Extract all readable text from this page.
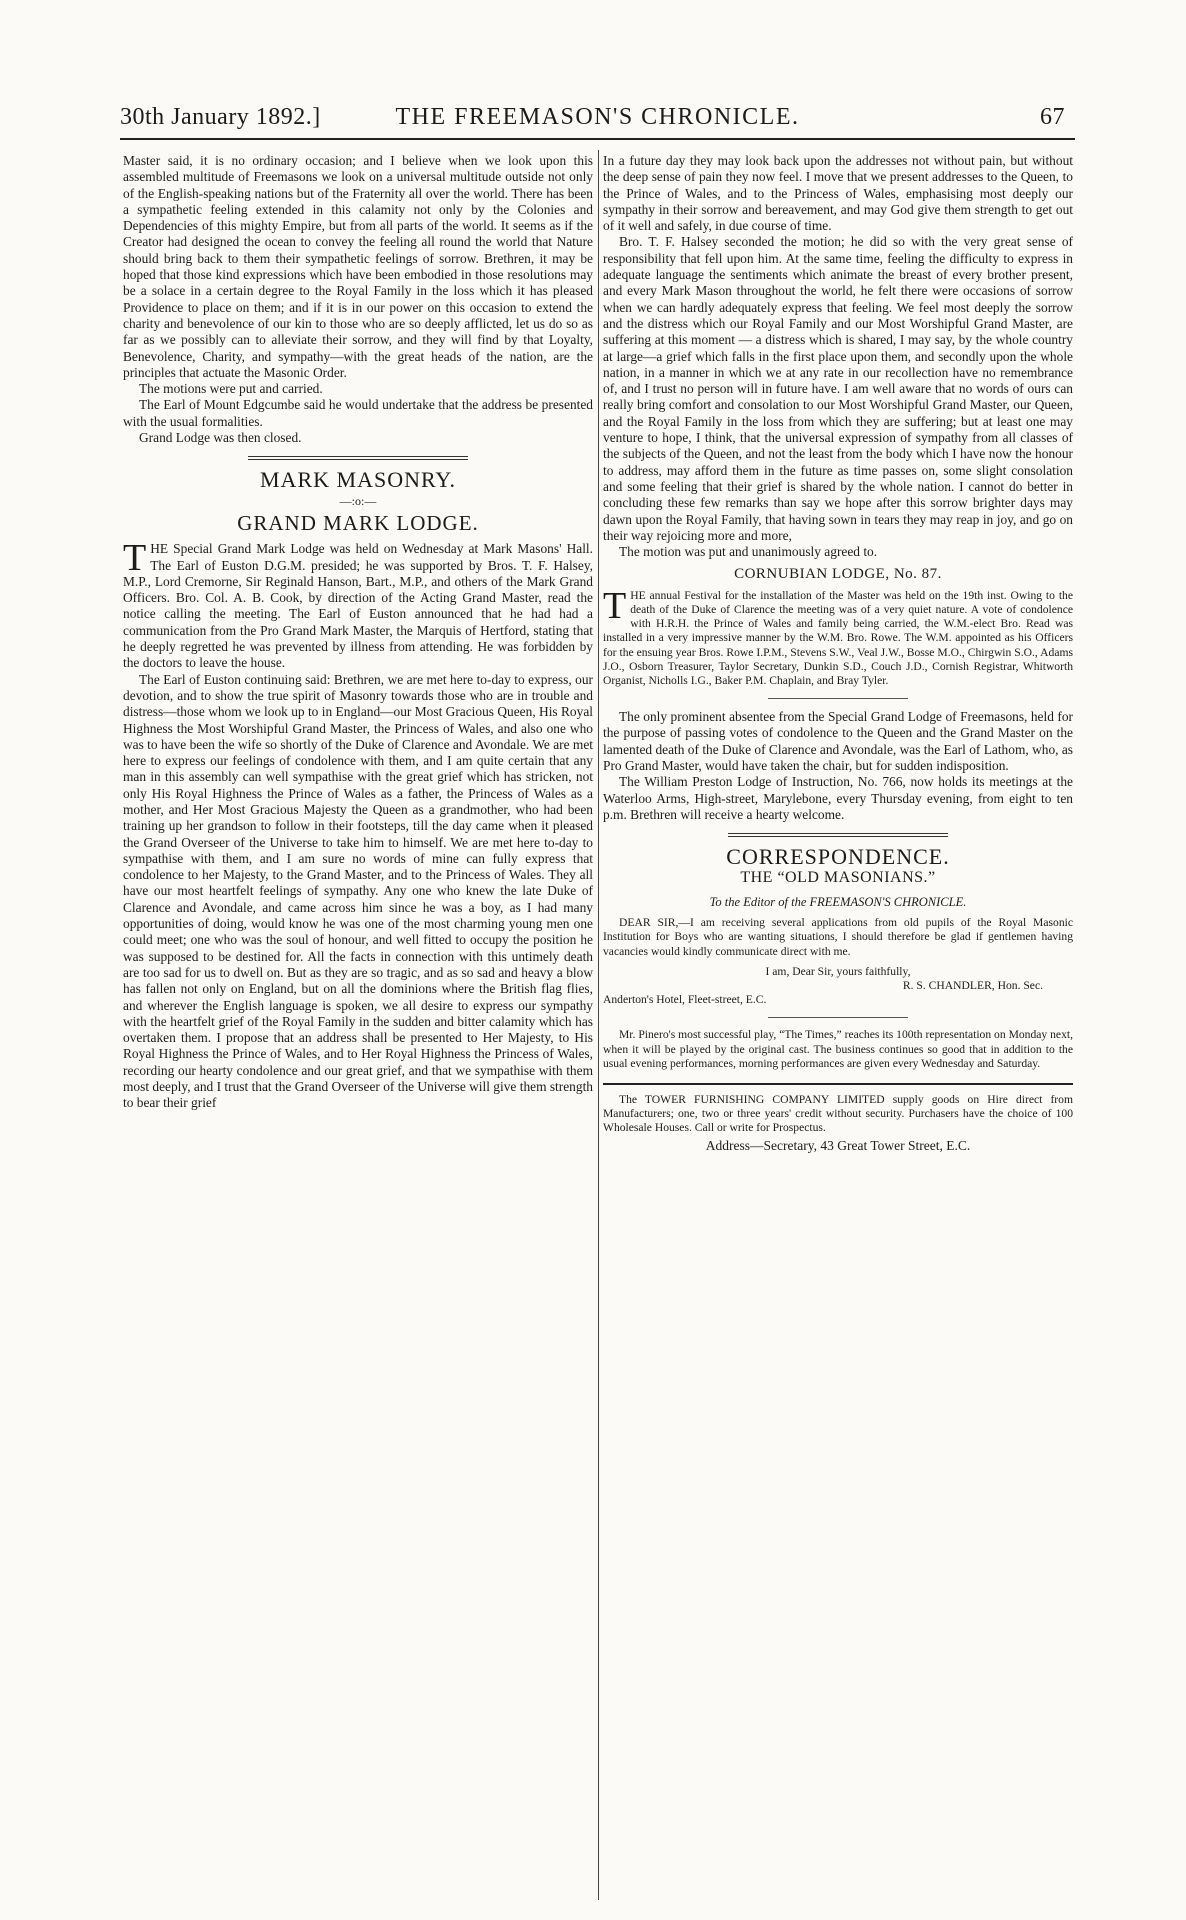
30th January 1892.]	THE FREEMASON'S CHRONICLE.	67

Master said, it is no ordinary occasion; and I believe when we look upon this assembled multitude of Freemasons we look on a universal multitude outside not only of the English-speaking nations but of the Fraternity all over the world. There has been a sympathetic feeling extended in this calamity not only by the Colonies and Dependencies of this mighty Empire, but from all parts of the world. It seems as if the Creator had designed the ocean to convey the feeling all round the world that Nature should bring back to them their sympathetic feelings of sorrow. Brethren, it may be hoped that those kind expressions which have been embodied in those resolutions may be a solace in a certain degree to the Royal Family in the loss which it has pleased Providence to place on them; and if it is in our power on this occasion to extend the charity and benevolence of our kin to those who are so deeply afflicted, let us do so as far as we possibly can to alleviate their sorrow, and they will find by that Loyalty, Benevolence, Charity, and sympathy—with the great heads of the nation, are the principles that actuate the Masonic Order.

The motions were put and carried.

The Earl of Mount Edgcumbe said he would undertake that the address be presented with the usual formalities.

Grand Lodge was then closed.

MARK MASONRY.
—:o:—
GRAND MARK LODGE.

THE Special Grand Mark Lodge was held on Wednesday at Mark Masons' Hall. The Earl of Euston D.G.M. presided; he was supported by Bros. T. F. Halsey, M.P., Lord Cremorne, Sir Reginald Hanson, Bart., M.P., and others of the Mark Grand Officers. Bro. Col. A. B. Cook, by direction of the Acting Grand Master, read the notice calling the meeting. The Earl of Euston announced that he had had a communication from the Pro Grand Mark Master, the Marquis of Hertford, stating that he deeply regretted he was prevented by illness from attending. He was forbidden by the doctors to leave the house.

The Earl of Euston continuing said: Brethren, we are met here to-day to express, our devotion, and to show the true spirit of Masonry towards those who are in trouble and distress—those whom we look up to in England—our Most Gracious Queen, His Royal Highness the Most Worshipful Grand Master, the Princess of Wales, and also one who was to have been the wife so shortly of the Duke of Clarence and Avondale. We are met here to express our feelings of condolence with them, and I am quite certain that any man in this assembly can well sympathise with the great grief which has stricken, not only His Royal Highness the Prince of Wales as a father, the Princess of Wales as a mother, and Her Most Gracious Majesty the Queen as a grandmother, who had been training up her grandson to follow in their footsteps, till the day came when it pleased the Grand Overseer of the Universe to take him to himself. We are met here to-day to sympathise with them, and I am sure no words of mine can fully express that condolence to her Majesty, to the Grand Master, and to the Princess of Wales. They all have our most heartfelt feelings of sympathy. Any one who knew the late Duke of Clarence and Avondale, and came across him since he was a boy, as I had many opportunities of doing, would know he was one of the most charming young men one could meet; one who was the soul of honour, and well fitted to occupy the position he was supposed to be destined for. All the facts in connection with this untimely death are too sad for us to dwell on. But as they are so tragic, and as so sad and heavy a blow has fallen not only on England, but on all the dominions where the British flag flies, and wherever the English language is spoken, we all desire to express our sympathy with the heartfelt grief of the Royal Family in the sudden and bitter calamity which has overtaken them. I propose that an address shall be presented to Her Majesty, to His Royal Highness the Prince of Wales, and to Her Royal Highness the Princess of Wales, recording our hearty condolence and our great grief, and that we sympathise with them most deeply, and I trust that the Grand Overseer of the Universe will give them strength to bear their grief

In a future day they may look back upon the addresses not without pain, but without the deep sense of pain they now feel. I move that we present addresses to the Queen, to the Prince of Wales, and to the Princess of Wales, emphasising most deeply our sympathy in their sorrow and bereavement, and may God give them strength to get out of it well and safely, in due course of time.

Bro. T. F. Halsey seconded the motion; he did so with the very great sense of responsibility that fell upon him. At the same time, feeling the difficulty to express in adequate language the sentiments which animate the breast of every brother present, and every Mark Mason throughout the world, he felt there were occasions of sorrow when we can hardly adequately express that feeling. We feel most deeply the sorrow and the distress which our Royal Family and our Most Worshipful Grand Master, are suffering at this moment — a distress which is shared, I may say, by the whole country at large—a grief which falls in the first place upon them, and secondly upon the whole nation, in a manner in which we at any rate in our recollection have no remembrance of, and I trust no person will in future have. I am well aware that no words of ours can really bring comfort and consolation to our Most Worshipful Grand Master, our Queen, and the Royal Family in the loss from which they are suffering; but at least one may venture to hope, I think, that the universal expression of sympathy from all classes of the subjects of the Queen, and not the least from the body which I have now the honour to address, may afford them in the future as time passes on, some slight consolation and some feeling that their grief is shared by the whole nation. I cannot do better in concluding these few remarks than say we hope after this sorrow brighter days may dawn upon the Royal Family, that having sown in tears they may reap in joy, and go on their way rejoicing more and more,

The motion was put and unanimously agreed to.

CORNUBIAN LODGE, No. 87.

THE annual Festival for the installation of the Master was held on the 19th inst. Owing to the death of the Duke of Clarence the meeting was of a very quiet nature. A vote of condolence with H.R.H. the Prince of Wales and family being carried, the W.M.-elect Bro. Read was installed in a very impressive manner by the W.M. Bro. Rowe. The W.M. appointed as his Officers for the ensuing year Bros. Rowe I.P.M., Stevens S.W., Veal J.W., Bosse M.O., Chirgwin S.O., Adams J.O., Osborn Treasurer, Taylor Secretary, Dunkin S.D., Couch J.D., Cornish Registrar, Whitworth Organist, Nicholls I.G., Baker P.M. Chaplain, and Bray Tyler.

The only prominent absentee from the Special Grand Lodge of Freemasons, held for the purpose of passing votes of condolence to the Queen and the Grand Master on the lamented death of the Duke of Clarence and Avondale, was the Earl of Lathom, who, as Pro Grand Master, would have taken the chair, but for sudden indisposition.

The William Preston Lodge of Instruction, No. 766, now holds its meetings at the Waterloo Arms, High-street, Marylebone, every Thursday evening, from eight to ten p.m. Brethren will receive a hearty welcome.

CORRESPONDENCE.
THE “OLD MASONIANS.”
To the Editor of the FREEMASON'S CHRONICLE.

DEAR SIR,—I am receiving several applications from old pupils of the Royal Masonic Institution for Boys who are wanting situations, I should therefore be glad if gentlemen having vacancies would kindly communicate direct with me.

I am, Dear Sir, yours faithfully,
R. S. CHANDLER, Hon. Sec.
Anderton's Hotel, Fleet-street, E.C.

Mr. Pinero's most successful play, “The Times,” reaches its 100th representation on Monday next, when it will be played by the original cast. The business continues so good that in addition to the usual evening performances, morning performances are given every Wednesday and Saturday.

The TOWER FURNISHING COMPANY LIMITED supply goods on Hire direct from Manufacturers; one, two or three years' credit without security. Purchasers have the choice of 100 Wholesale Houses. Call or write for Prospectus.

Address—Secretary, 43 Great Tower Street, E.C.
